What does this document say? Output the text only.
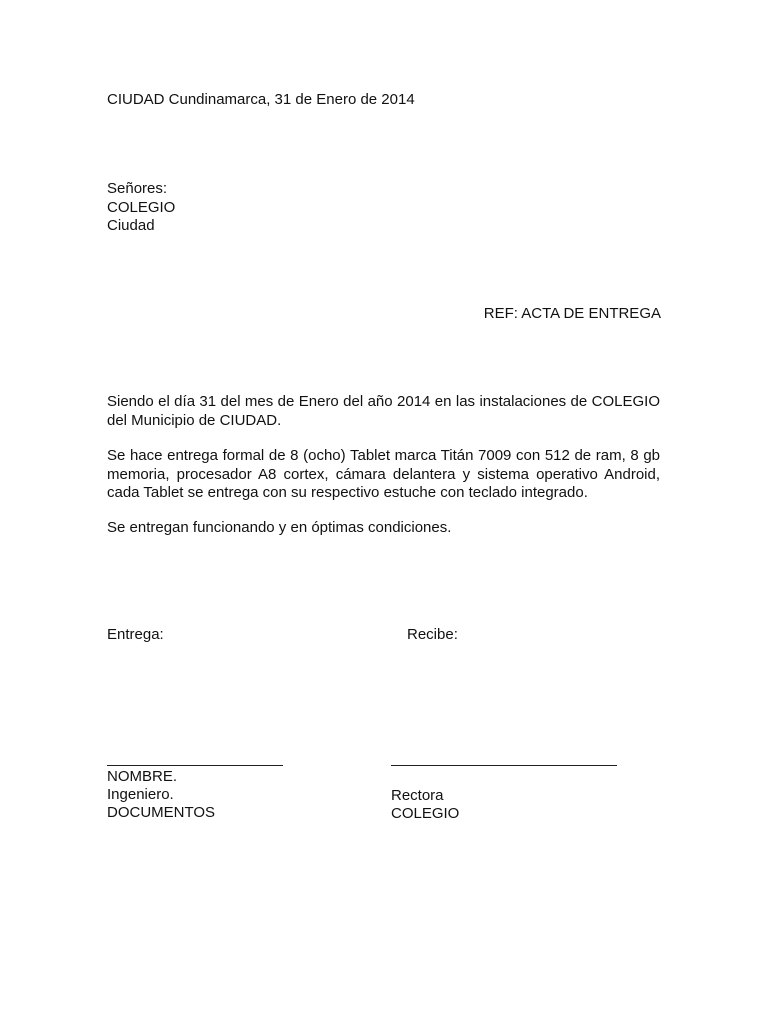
CIUDAD Cundinamarca, 31 de Enero de 2014
Señores:
COLEGIO
Ciudad
REF: ACTA DE ENTREGA
Siendo el día 31 del mes de Enero del año 2014 en las instalaciones de COLEGIO del Municipio de CIUDAD.
Se hace entrega formal de 8 (ocho) Tablet marca Titán 7009 con 512 de ram, 8 gb memoria, procesador A8 cortex, cámara delantera y sistema operativo Android, cada Tablet se entrega con su respectivo estuche con teclado integrado.
Se entregan funcionando y en óptimas condiciones.
Entrega:	Recibe:
NOMBRE.
Ingeniero.
DOCUMENTOS
Rectora
COLEGIO
